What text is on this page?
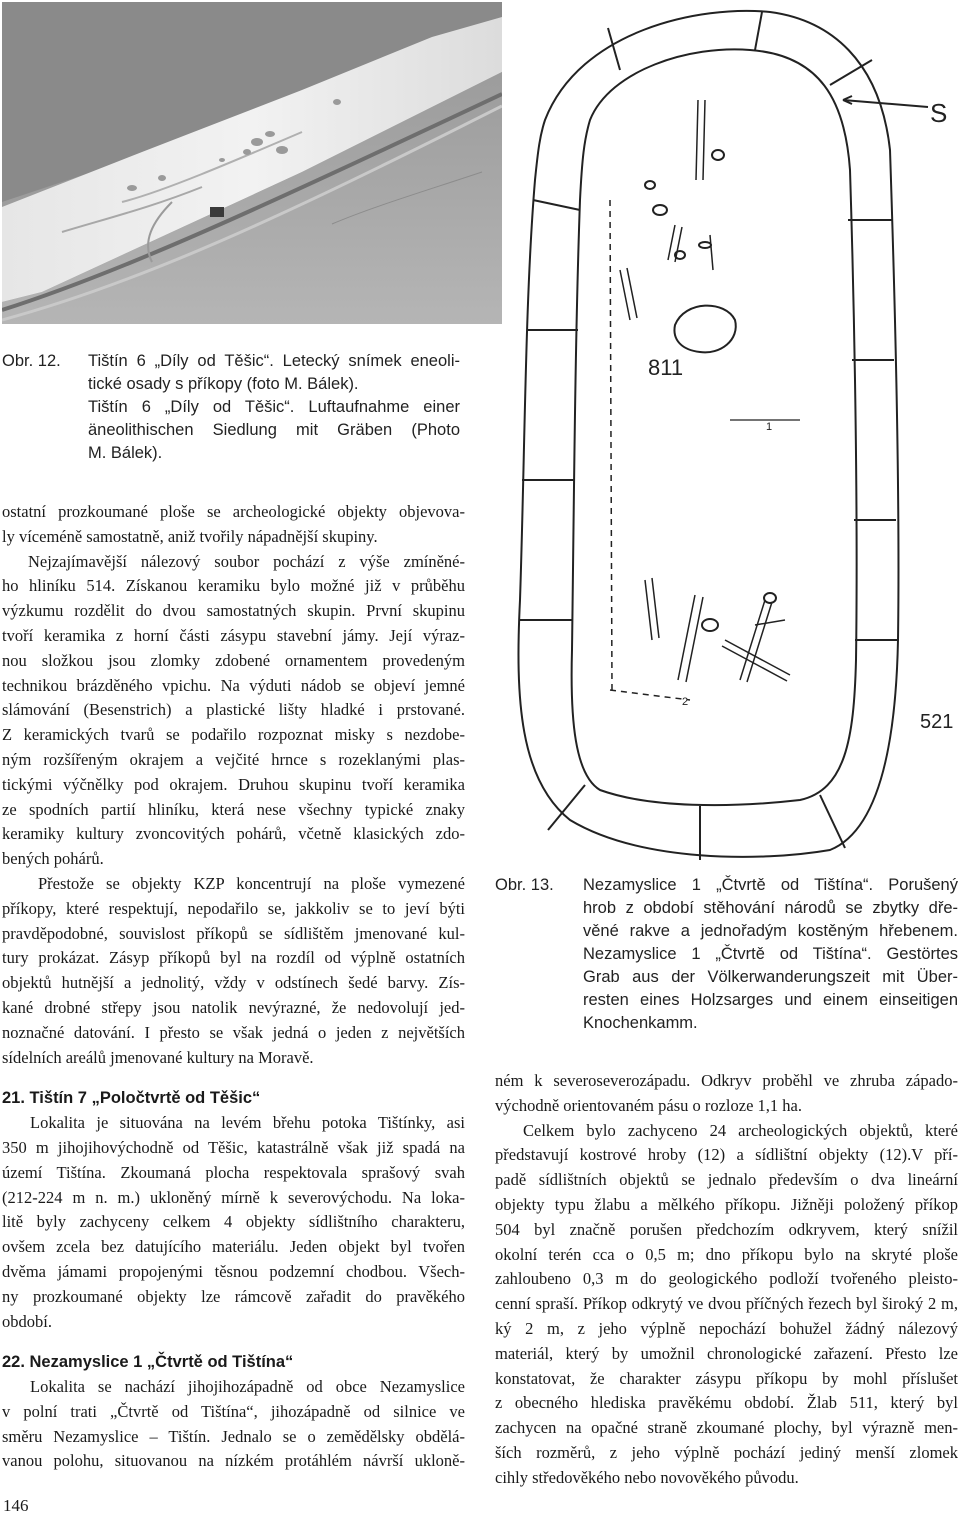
Obr. 12. Tištín 6 „Díly od Těšic“. Letecký snímek eneoli-
tické osady s příkopy (foto M. Bálek).
Tištín 6 „Díly od Těšic“. Luftaufnahme einer
äneolithischen Siedlung mit Gräben (Photo
M. Bálek).
S
811
521
1
2
Obr. 13. Nezamyslice 1 „Čtvrtě od Tištína“. Porušený
hrob z období stěhování národů se zbytky dře-
věné rakve a jednořadým kostěným hřebenem.
Nezamyslice 1 „Čtvrtě od Tištína“. Gestörtes
Grab aus der Völkerwanderungszeit mit Über-
resten eines Holzsarges und einem einseitigen
Knochenkamm.

ostatní prozkoumané ploše se archeologické objekty objevova-
ly víceméně samostatně, aniž tvořily nápadnější skupiny.
Nejzajímavější nálezový soubor pochází z výše zmíněné-
ho hliníku 514. Získanou keramiku bylo možné již v průběhu
výzkumu rozdělit do dvou samostatných skupin. První skupinu
tvoří keramika z horní části zásypu stavební jámy. Její výraz-
nou složkou jsou zlomky zdobené ornamentem provedeným
technikou brázděného vpichu. Na výduti nádob se objeví jemné
slámování (Besenstrich) a plastické lišty hladké i prstované.
Z keramických tvarů se podařilo rozpoznat misky s nezdobe-
ným rozšířeným okrajem a vejčité hrnce s rozeklanými plas-
tickými výčnělky pod okrajem. Druhou skupinu tvoří keramika
ze spodních partií hliníku, která nese všechny typické znaky
keramiky kultury zvoncovitých pohárů, včetně klasických zdo-
bených pohárů.

Přestože se objekty KZP koncentrují na ploše vymezené
příkopy, které respektují, nepodařilo se, jakkoliv se to jeví býti
pravděpodobné, souvislost příkopů se sídlištěm jmenované kul-
tury prokázat. Zásyp příkopů byl na rozdíl od výplně ostatních
objektů hutnější a jednolitý, vždy v odstínech šedé barvy. Zís-
kané drobné střepy jsou natolik nevýrazné, že nedovolují jed-
noznačné datování. I přesto se však jedná o jeden z největších
sídelních areálů jmenované kultury na Moravě.

21. Tištín 7 „Poločtvrtě od Těšic“

Lokalita je situována na levém břehu potoka Tištínky, asi
350 m jihojihovýchodně od Těšic, katastrálně však již spadá na
území Tištína. Zkoumaná plocha respektovala sprašový svah
(212-224 m n. m.) ukloněný mírně k severovýchodu. Na loka-
litě byly zachyceny celkem 4 objekty sídlištního charakteru,
ovšem zcela bez datujícího materiálu. Jeden objekt byl tvořen
dvěma jámami propojenými těsnou podzemní chodbou. Všech-
ny prozkoumané objekty lze rámcově zařadit do pravěkého
období.

22. Nezamyslice 1 „Čtvrtě od Tištína“

Lokalita se nachází jihojihozápadně od obce Nezamyslice
v polní trati „Čtvrtě od Tištína“, jihozápadně od silnice ve
směru Nezamyslice – Tištín. Jednalo se o zemědělsky obdělá-
vanou polohu, situovanou na nízkém protáhlém návrší ukloně-

ném k severoseverozápadu. Odkryv proběhl ve zhruba západo-
východně orientovaném pásu o rozloze 1,1 ha.

Celkem bylo zachyceno 24 archeologických objektů, které
představují kostrové hroby (12) a sídlištní objekty (12).V pří-
padě sídlištních objektů se jednalo především o dva lineární
objekty typu žlabu a mělkého příkopu. Jižněji položený příkop
504 byl značně porušen předchozím odkryvem, který snížil
okolní terén cca o 0,5 m; dno příkopu bylo na skryté ploše
zahloubeno 0,3 m do geologického podloží tvořeného pleisto-
cenní spraší. Příkop odkrytý ve dvou příčných řezech byl široký 2 m,
ký 2 m, z jeho výplně nepochází bohužel žádný nálezový
materiál, který by umožnil chronologické zařazení. Přesto lze
konstatovat, že charakter zásypu příkopu by mohl příslušet
z obecného hlediska pravěkému období. Žlab 511, který byl
zachycen na opačné straně zkoumané plochy, byl výrazně men-
ších rozměrů, z jeho výplně pochází jediný menší zlomek
cihly středověkého nebo novověkého původu.

146
